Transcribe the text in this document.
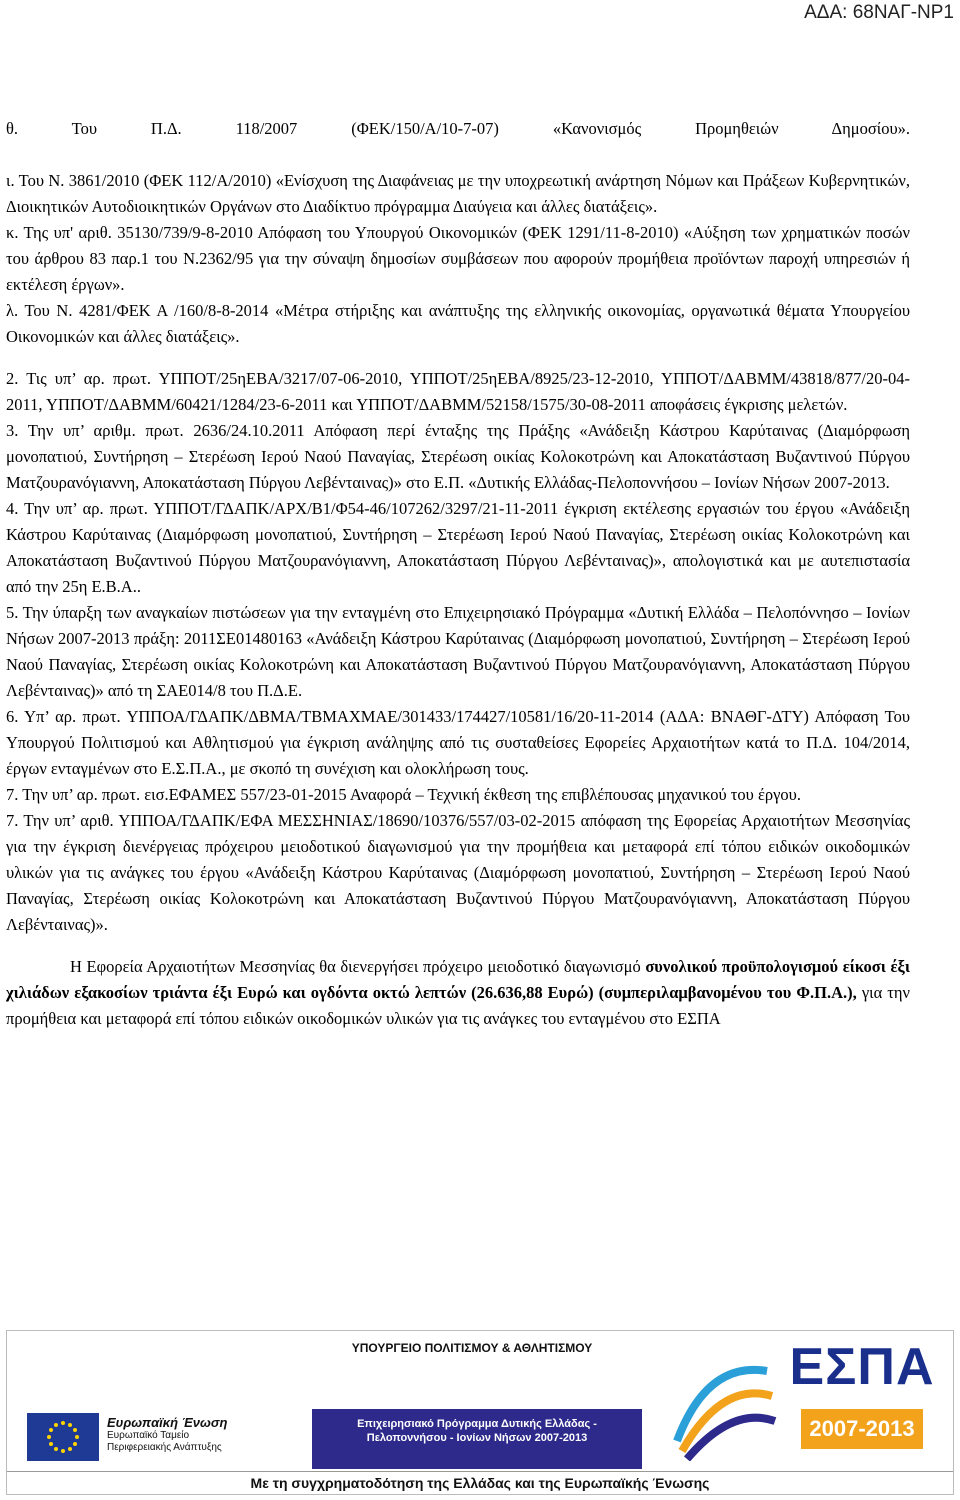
ΑΔΑ: 68ΝΑΓ-ΝΡ1

θ. Του Π.Δ. 118/2007 (ΦΕΚ/150/Α/10-7-07) «Κανονισμός Προμηθειών Δημοσίου».

ι. Του Ν. 3861/2010 (ΦΕΚ 112/Α/2010) «Ενίσχυση της Διαφάνειας με την υποχρεωτική ανάρτηση Νόμων και Πράξεων Κυβερνητικών, Διοικητικών Αυτοδιοικητικών Οργάνων στο Διαδίκτυο πρόγραμμα Διαύγεια και άλλες διατάξεις».

κ. Της υπ' αριθ. 35130/739/9-8-2010 Απόφαση του Υπουργού Οικονομικών (ΦΕΚ 1291/11-8-2010) «Αύξηση των χρηματικών ποσών του άρθρου 83 παρ.1 του Ν.2362/95 για την σύναψη δημοσίων συμβάσεων που αφορούν προμήθεια προϊόντων παροχή υπηρεσιών ή εκτέλεση έργων».

λ. Του Ν. 4281/ΦΕΚ Α /160/8-8-2014 «Μέτρα στήριξης και ανάπτυξης της ελληνικής οικονομίας, οργανωτικά θέματα Υπουργείου Οικονομικών και άλλες διατάξεις».

2. Τις υπ’ αρ. πρωτ. ΥΠΠΟΤ/25ηΕΒΑ/3217/07-06-2010, ΥΠΠΟΤ/25ηΕΒΑ/8925/23-12-2010, ΥΠΠΟΤ/ΔΑΒΜΜ/43818/877/20-04-2011, ΥΠΠΟΤ/ΔΑΒΜΜ/60421/1284/23-6-2011 και ΥΠΠΟΤ/ΔΑΒΜΜ/52158/1575/30-08-2011 αποφάσεις έγκρισης μελετών.

3. Την υπ’ αριθμ. πρωτ. 2636/24.10.2011 Απόφαση περί ένταξης της Πράξης «Ανάδειξη Κάστρου Καρύταινας (Διαμόρφωση μονοπατιού, Συντήρηση – Στερέωση Ιερού Ναού Παναγίας, Στερέωση οικίας Κολοκοτρώνη και Αποκατάσταση Βυζαντινού Πύργου Ματζουρανόγιαννη, Αποκατάσταση Πύργου Λεβένταινας)» στο Ε.Π. «Δυτικής Ελλάδας-Πελοποννήσου – Ιονίων Νήσων 2007-2013.

4. Την υπ’ αρ. πρωτ. ΥΠΠΟΤ/ΓΔΑΠΚ/ΑΡΧ/Β1/Φ54-46/107262/3297/21-11-2011 έγκριση εκτέλεσης εργασιών του έργου «Ανάδειξη Κάστρου Καρύταινας (Διαμόρφωση μονοπατιού, Συντήρηση – Στερέωση Ιερού Ναού Παναγίας, Στερέωση οικίας Κολοκοτρώνη και Αποκατάσταση Βυζαντινού Πύργου Ματζουρανόγιαννη, Αποκατάσταση Πύργου Λεβένταινας)», απολογιστικά και με αυτεπιστασία από την 25η Ε.Β.Α..

5. Την ύπαρξη των αναγκαίων πιστώσεων για την ενταγμένη στο Επιχειρησιακό Πρόγραμμα «Δυτική Ελλάδα – Πελοπόννησο – Ιονίων Νήσων 2007-2013 πράξη: 2011ΣΕ01480163 «Ανάδειξη Κάστρου Καρύταινας (Διαμόρφωση μονοπατιού, Συντήρηση – Στερέωση Ιερού Ναού Παναγίας, Στερέωση οικίας Κολοκοτρώνη και Αποκατάσταση Βυζαντινού Πύργου Ματζουρανόγιαννη, Αποκατάσταση Πύργου Λεβένταινας)» από τη ΣΑΕ014/8 του Π.Δ.Ε.

6. Υπ’ αρ. πρωτ. ΥΠΠΟΑ/ΓΔΑΠΚ/ΔΒΜΑ/ΤΒΜΑΧΜΑΕ/301433/174427/10581/16/20-11-2014 (ΑΔΑ: ΒΝΑΘΓ-ΔΤΥ) Απόφαση Του Υπουργού Πολιτισμού και Αθλητισμού για έγκριση ανάληψης από τις συσταθείσες Εφορείες Αρχαιοτήτων κατά το Π.Δ. 104/2014, έργων ενταγμένων στο Ε.Σ.Π.Α., με σκοπό τη συνέχιση και ολοκλήρωση τους.

7. Την υπ’ αρ. πρωτ. εισ.ΕΦΑΜΕΣ 557/23-01-2015 Αναφορά – Τεχνική έκθεση της επιβλέπουσας μηχανικού του έργου.

7. Την υπ’ αριθ. ΥΠΠΟΑ/ΓΔΑΠΚ/ΕΦΑ ΜΕΣΣΗΝΙΑΣ/18690/10376/557/03-02-2015 απόφαση της Εφορείας Αρχαιοτήτων Μεσσηνίας για την έγκριση διενέργειας πρόχειρου μειοδοτικού διαγωνισμού για την προμήθεια και μεταφορά επί τόπου ειδικών οικοδομικών υλικών για τις ανάγκες του έργου «Ανάδειξη Κάστρου Καρύταινας (Διαμόρφωση μονοπατιού, Συντήρηση – Στερέωση Ιερού Ναού Παναγίας, Στερέωση οικίας Κολοκοτρώνη και Αποκατάσταση Βυζαντινού Πύργου Ματζουρανόγιαννη, Αποκατάσταση Πύργου Λεβένταινας)».

Η Εφορεία Αρχαιοτήτων Μεσσηνίας θα διενεργήσει πρόχειρο μειοδοτικό διαγωνισμό συνολικού προϋπολογισμού είκοσι έξι χιλιάδων εξακοσίων τριάντα έξι Ευρώ και ογδόντα οκτώ λεπτών (26.636,88 Ευρώ) (συμπεριλαμβανομένου του Φ.Π.Α.), για την προμήθεια και μεταφορά επί τόπου ειδικών οικοδομικών υλικών για τις ανάγκες του ενταγμένου στο ΕΣΠΑ

ΥΠΟΥΡΓΕΙΟ ΠΟΛΙΤΙΣΜΟΥ & ΑΘΛΗΤΙΣΜΟΥ
Ευρωπαϊκή Ένωση
Ευρωπαϊκό Ταμείο
Περιφερειακής Ανάπτυξης
Επιχειρησιακό Πρόγραμμα Δυτικής Ελλάδας - Πελοποννήσου - Ιονίων Νήσων 2007-2013
ΕΣΠΑ
2007-2013
Με τη συγχρηματοδότηση της Ελλάδας και της Ευρωπαϊκής Ένωσης
